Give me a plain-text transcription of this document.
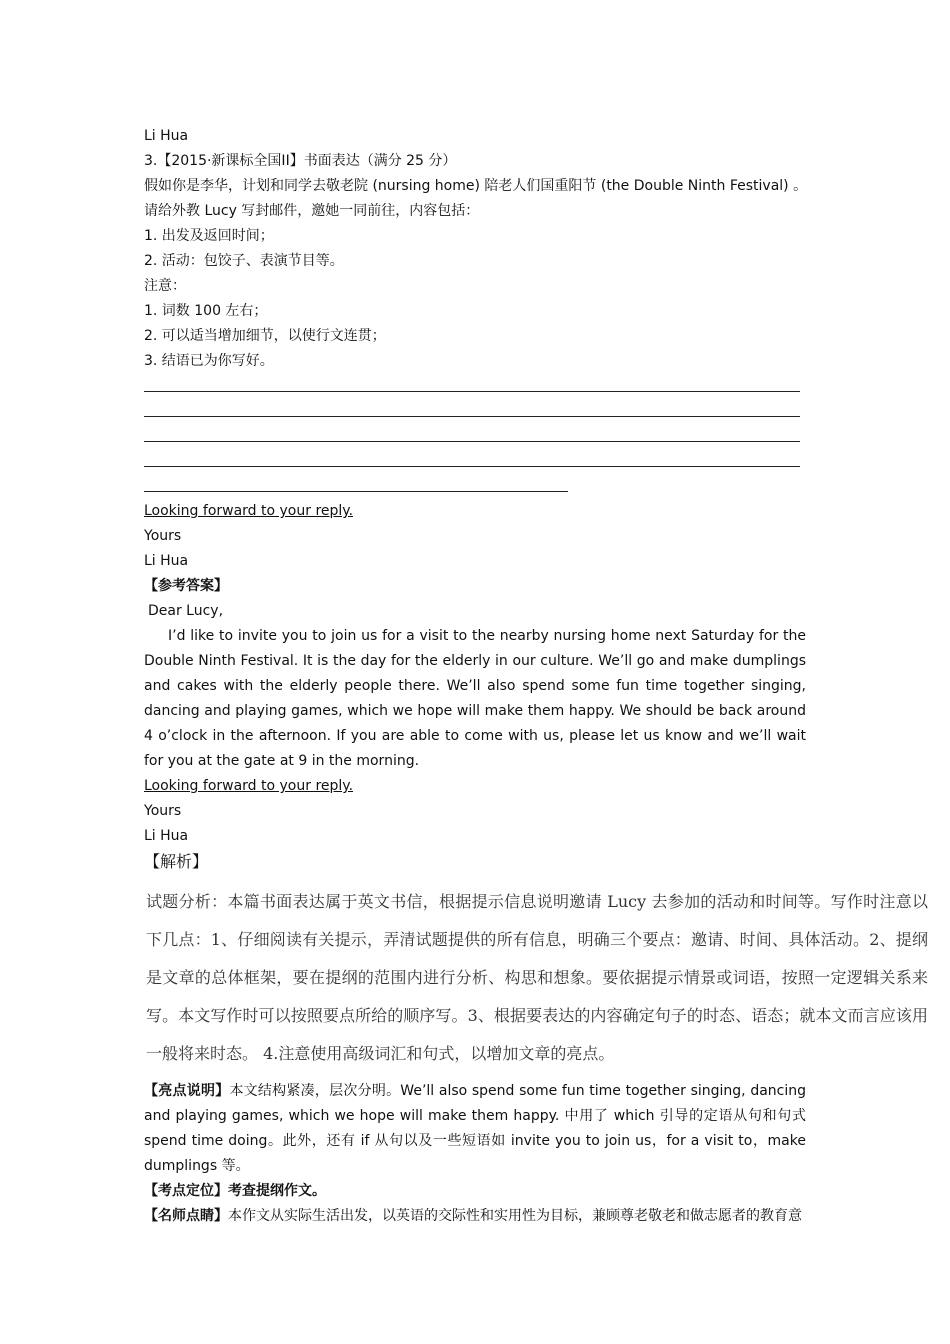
Li Hua
3.【2015·新课标全国II】书面表达（满分 25 分）
假如你是李华，计划和同学去敬老院 (nursing home) 陪老人们国重阳节 (the Double Ninth Festival) 。
请给外教 Lucy 写封邮件，邀她一同前往，内容包括：
1. 出发及返回时间；
2. 活动：包饺子、表演节目等。
注意：
1. 词数 100 左右；
2. 可以适当增加细节，以使行文连贯；
3. 结语已为你写好。
Looking forward to your reply.
Yours
Li Hua
【参考答案】
Dear Lucy,

I’d like to invite you to join us for a visit to the nearby nursing home next Saturday for the Double Ninth Festival. It is the day for the elderly in our culture. We’ll go and make dumplings and cakes with the elderly people there. We’ll also spend some fun time together singing, dancing and playing games, which we hope will make them happy. We should be back around 4 o’clock in the afternoon. If you are able to come with us, please let us know and we’ll wait for you at the gate at 9 in the morning.

Looking forward to your reply.
Yours
Li Hua
【解析】
试题分析：本篇书面表达属于英文书信，根据提示信息说明邀请 Lucy 去参加的活动和时间等。写作时注意以下几点：1、仔细阅读有关提示，弄清试题提供的所有信息，明确三个要点：邀请、时间、具体活动。2、提纲是文章的总体框架，要在提纲的范围内进行分析、构思和想象。要依据提示情景或词语，按照一定逻辑关系来写。本文写作时可以按照要点所给的顺序写。3、根据要表达的内容确定句子的时态、语态；就本文而言应该用一般将来时态。 4.注意使用高级词汇和句式，以增加文章的亮点。

【亮点说明】本文结构紧凑，层次分明。We’ll also spend some fun time together singing, dancing and playing games, which we hope will make them happy. 中用了 which 引导的定语从句和句式 spend time doing。此外，还有 if 从句以及一些短语如 invite you to join us，for a visit to，make dumplings 等。

【考点定位】考查提纲作文。

【名师点睛】本作文从实际生活出发，以英语的交际性和实用性为目标，兼顾尊老敬老和做志愿者的教育意
